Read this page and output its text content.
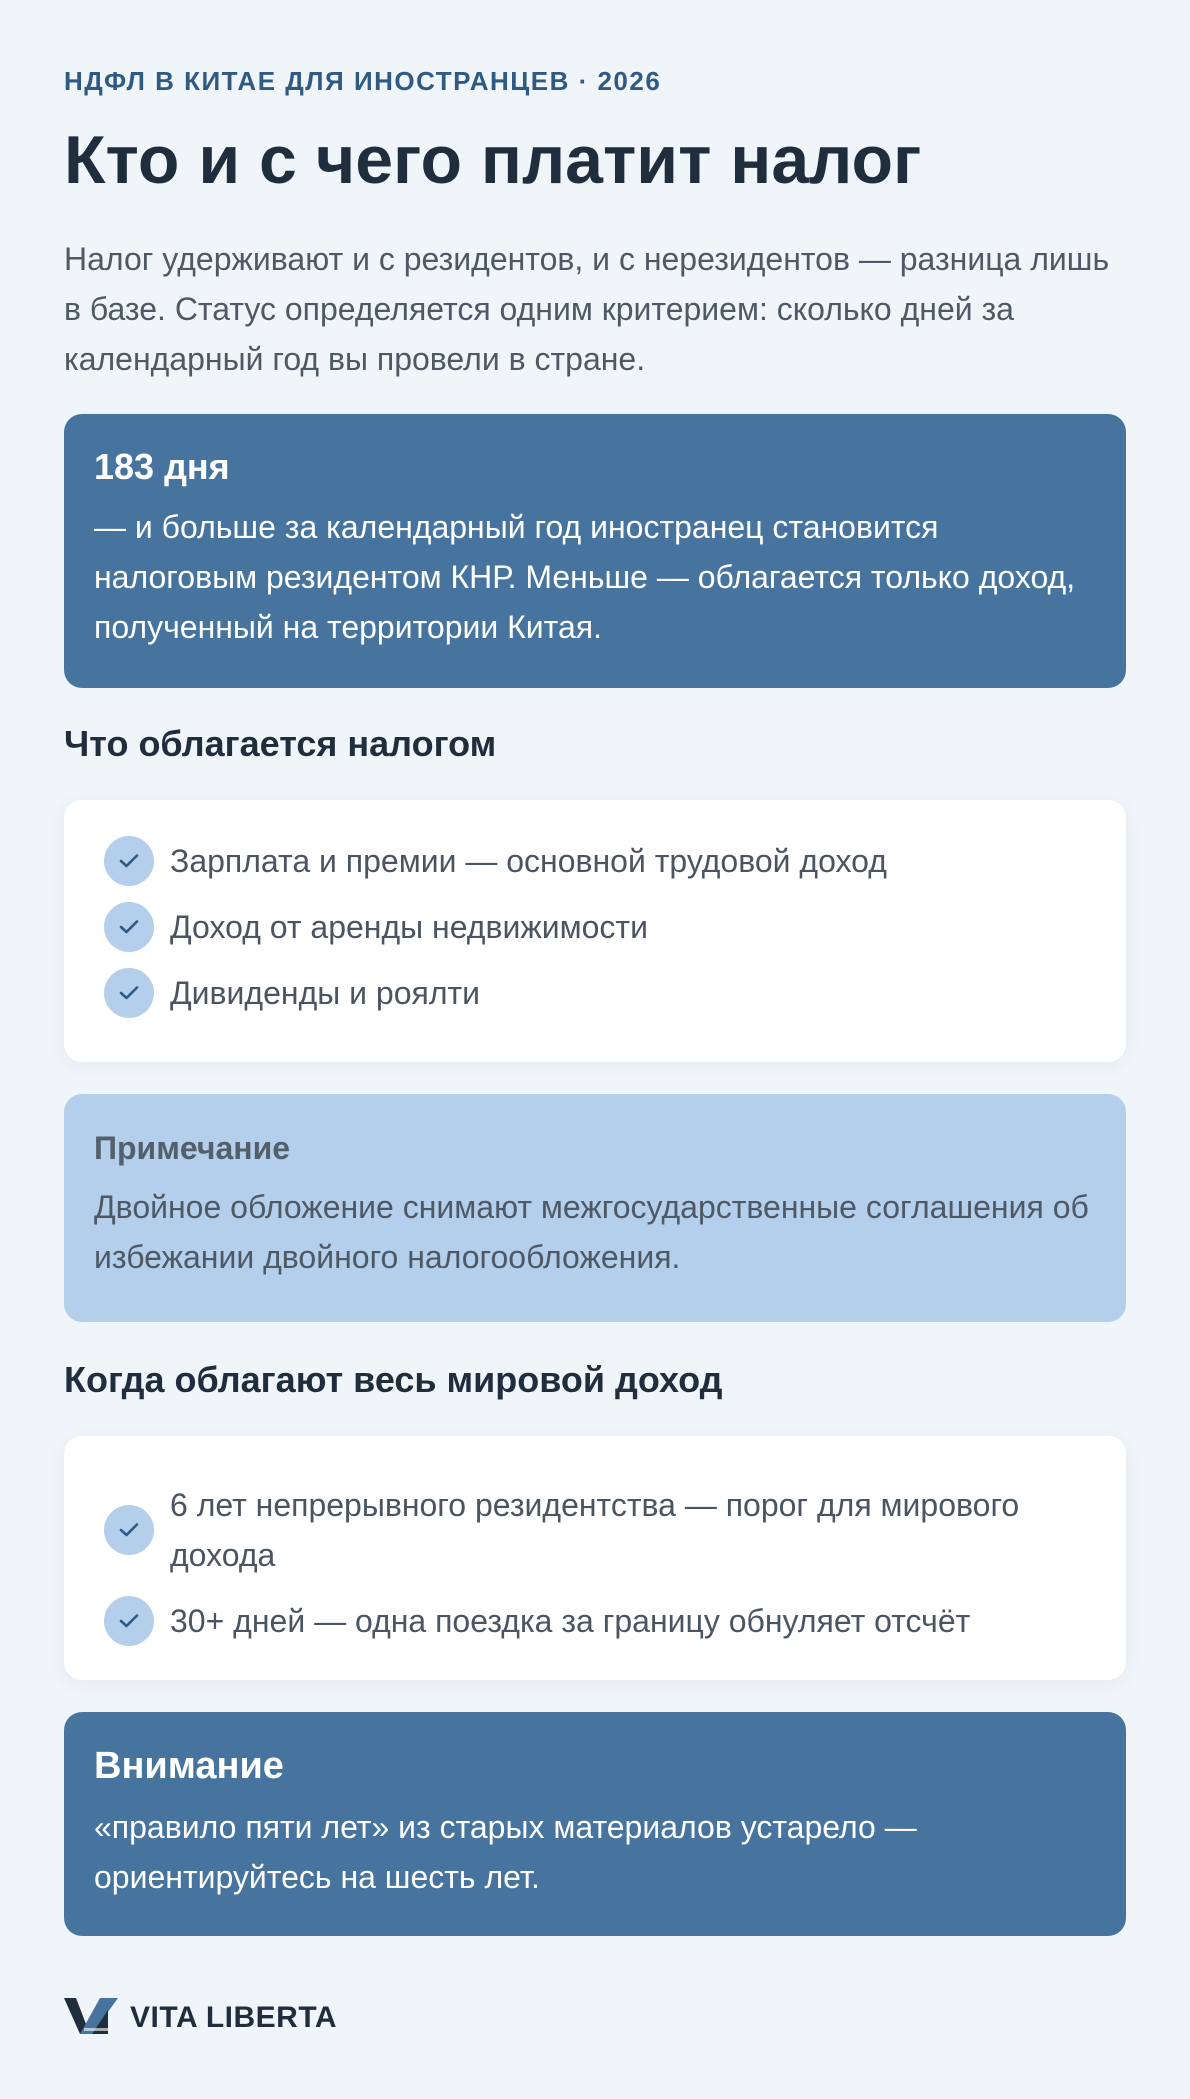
НДФЛ В КИТАЕ ДЛЯ ИНОСТРАНЦЕВ · 2026

Кто и с чего платит налог

Налог удерживают и с резидентов, и с нерезидентов — разница лишь в базе. Статус определяется одним критерием: сколько дней за календарный год вы провели в стране.

183 дня

— и больше за календарный год иностранец становится налоговым резидентом КНР. Меньше — облагается только доход, полученный на территории Китая.

Что облагается налогом
Зарплата и премии — основной трудовой доход
Доход от аренды недвижимости
Дивиденды и роялти

Примечание

Двойное обложение снимают межгосударственные соглашения об избежании двойного налогообложения.

Когда облагают весь мировой доход
6 лет непрерывного резидентства — порог для мирового дохода
30+ дней — одна поездка за границу обнуляет отсчёт

Внимание

«правило пяти лет» из старых материалов устарело — ориентируйтесь на шесть лет.

VITA LIBERTA
